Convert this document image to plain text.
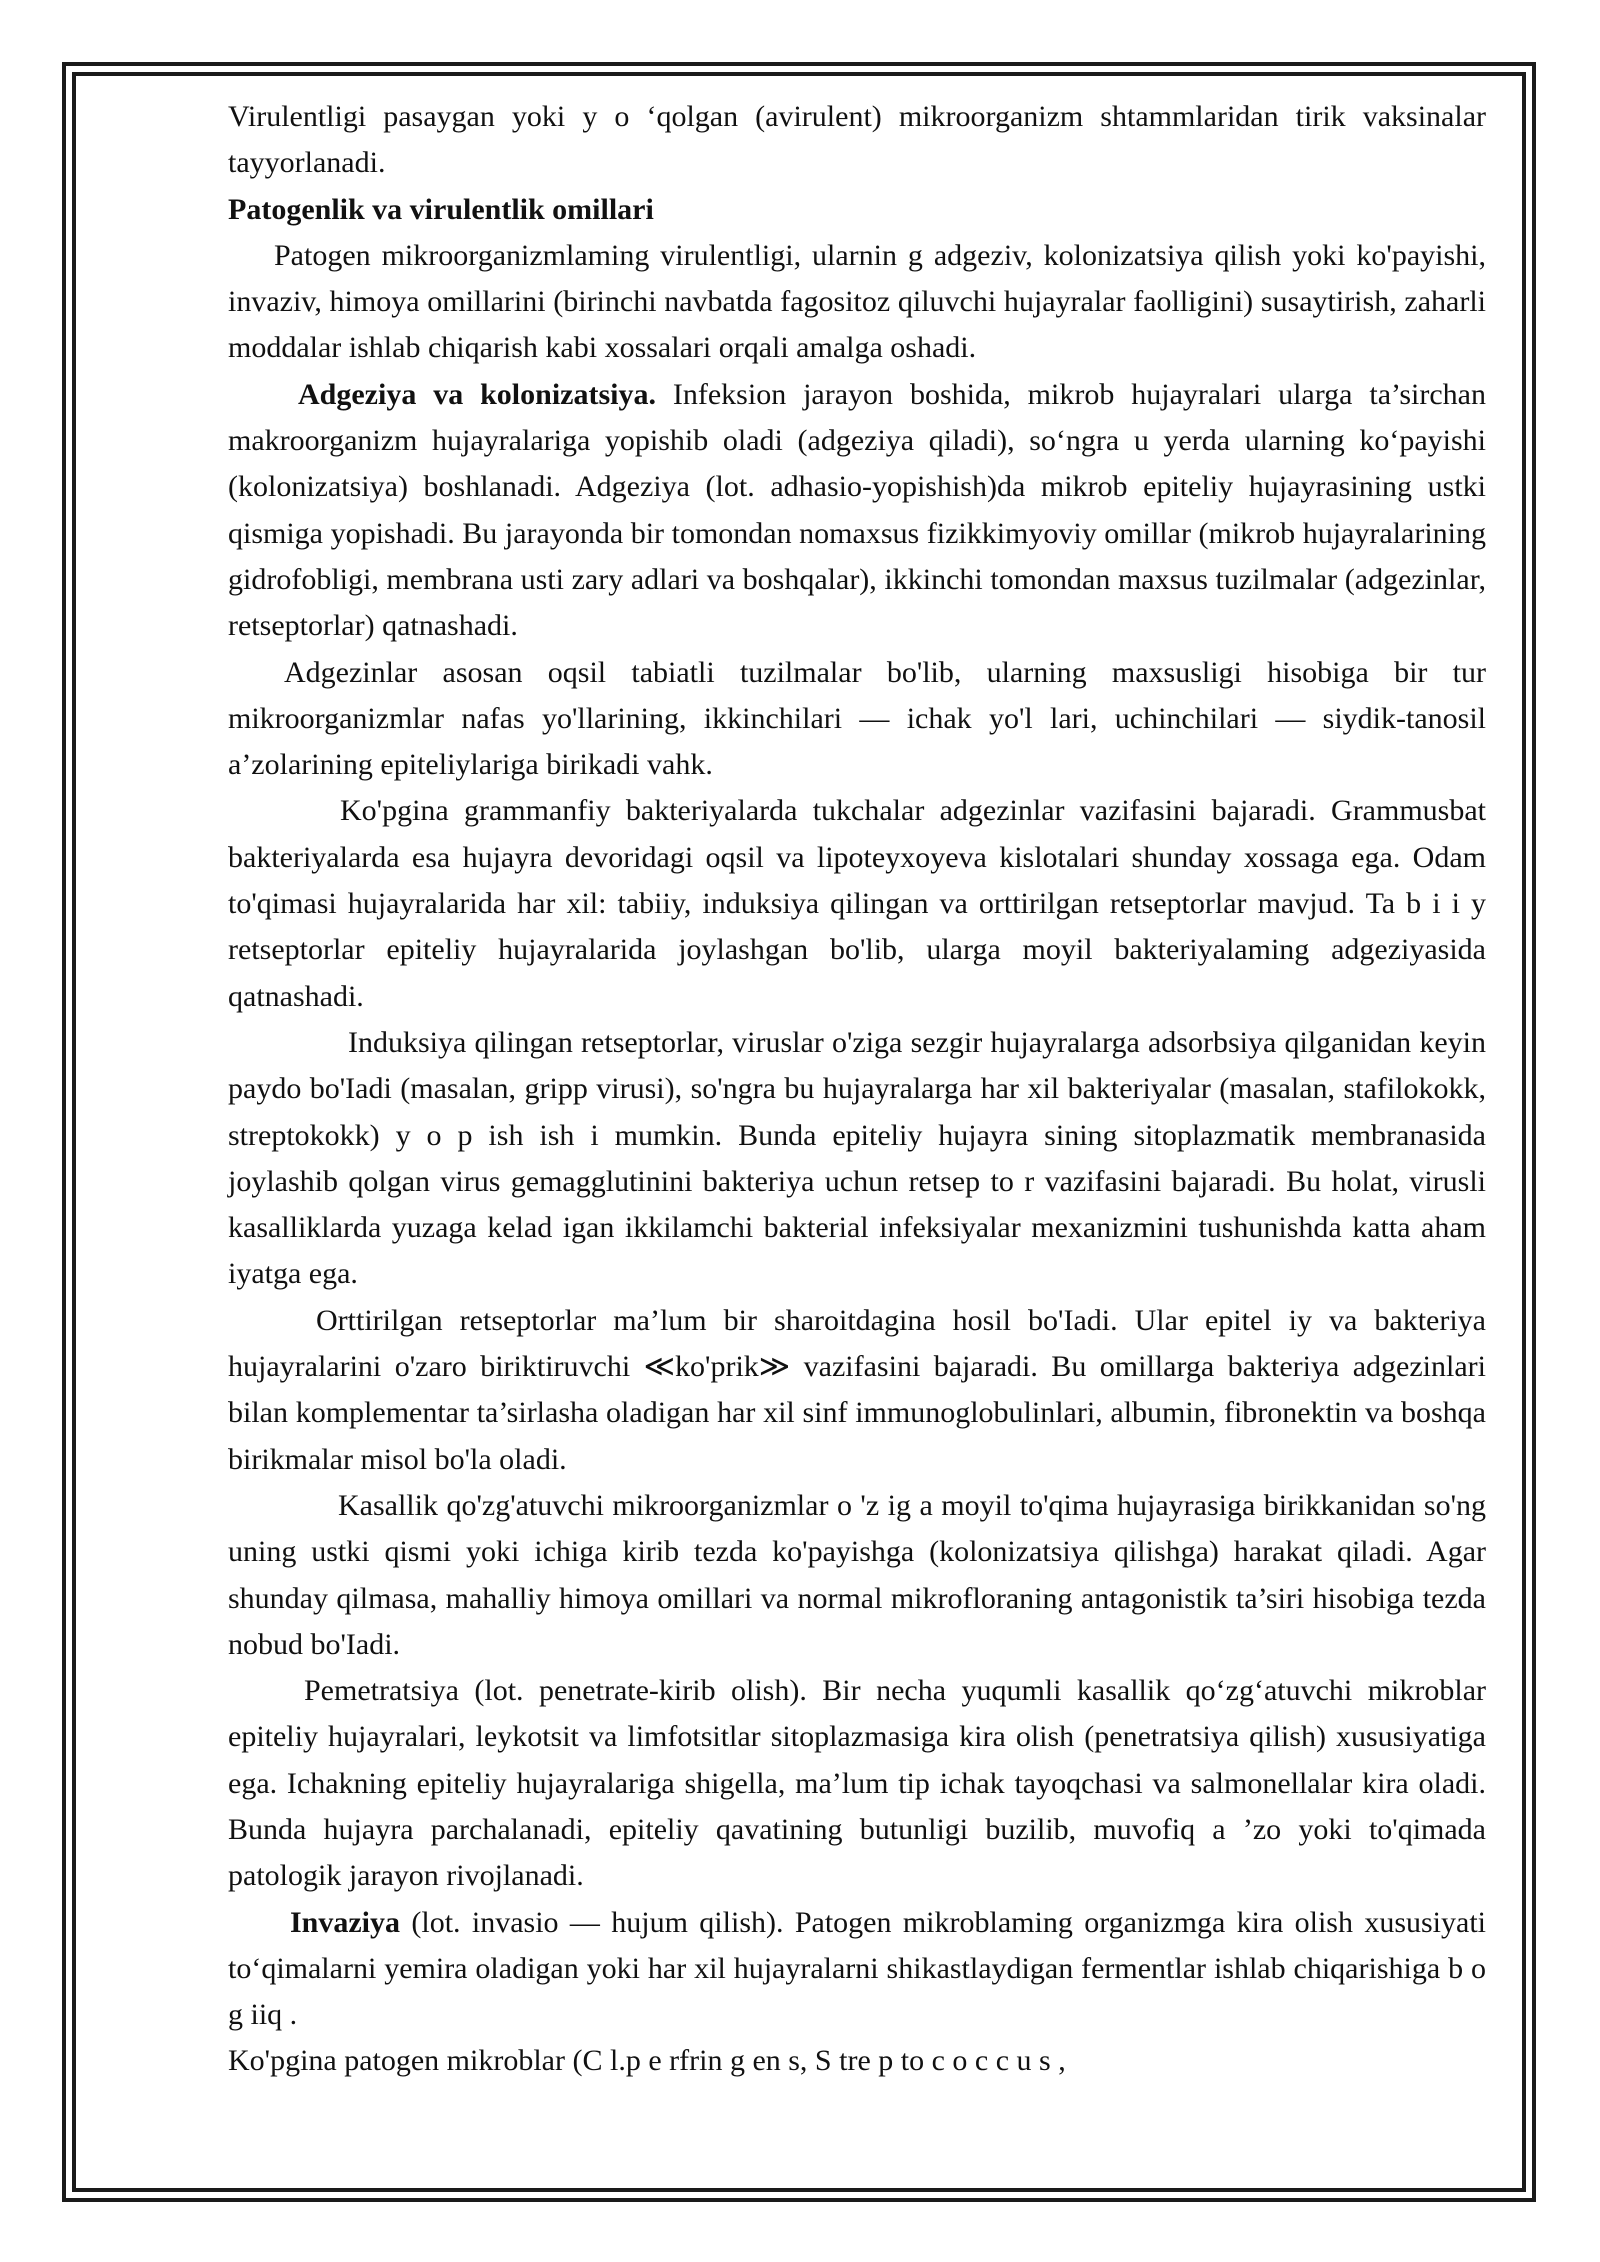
Virulentligi pasaygan yoki y o ‘qolgan (avirulent) mikroorganizm shtammlaridan tirik vaksinalar tayyorlanadi.

Patogenlik va virulentlik omillari

Patogen mikroorganizmlaming virulentligi, ularnin g adgeziv, kolonizatsiya qilish yoki ko'payishi, invaziv, himoya omillarini (birinchi navbatda fagositoz qiluvchi hujayralar faolligini) susaytirish, zaharli moddalar ishlab chiqarish kabi xossalari orqali amalga oshadi.

Adgeziya va kolonizatsiya. Infeksion jarayon boshida, mikrob hujayralari ularga ta’sirchan makroorganizm hujayralariga yopishib oladi (adgeziya qiladi), so‘ngra u yerda ularning ko‘payishi (kolonizatsiya) boshlanadi. Adgeziya (lot. adhasio-yopishish)da mikrob epiteliy hujayrasining ustki qismiga yopishadi. Bu jarayonda bir tomondan nomaxsus fizikkimyoviy omillar (mikrob hujayralarining gidrofobligi, membrana usti zary adlari va boshqalar), ikkinchi tomondan maxsus tuzilmalar (adgezinlar, retseptorlar) qatnashadi.

Adgezinlar asosan oqsil tabiatli tuzilmalar bo'lib, ularning maxsusligi hisobiga bir tur mikroorganizmlar nafas yo'llarining, ikkinchilari — ichak yo'l lari, uchinchilari — siydik-tanosil a’zolarining epiteliylariga birikadi vahk.

Ko'pgina grammanfiy bakteriyalarda tukchalar adgezinlar vazifasini bajaradi. Grammusbat bakteriyalarda esa hujayra devoridagi oqsil va lipoteyxoyeva kislotalari shunday xossaga ega. Odam to'qimasi hujayralarida har xil: tabiiy, induksiya qilingan va orttirilgan retseptorlar mavjud. Ta b i i y retseptorlar epiteliy hujayralarida joylashgan bo'lib, ularga moyil bakteriyalaming adgeziyasida qatnashadi.

Induksiya qilingan retseptorlar, viruslar o'ziga sezgir hujayralarga adsorbsiya qilganidan keyin paydo bo'Iadi (masalan, gripp virusi), so'ngra bu hujayralarga har xil bakteriyalar (masalan, stafilokokk, streptokokk) y o p ish ish i mumkin. Bunda epiteliy hujayra sining sitoplazmatik membranasida joylashib qolgan virus gemagglutinini bakteriya uchun retsep to r vazifasini bajaradi. Bu holat, virusli kasalliklarda yuzaga kelad igan ikkilamchi bakterial infeksiyalar mexanizmini tushunishda katta aham iyatga ega.

Orttirilgan retseptorlar ma’lum bir sharoitdagina hosil bo'Iadi. Ular epitel iy va bakteriya hujayralarini o'zaro biriktiruvchi ≪ko'prik≫ vazifasini bajaradi. Bu omillarga bakteriya adgezinlari bilan komplementar ta’sirlasha oladigan har xil sinf immunoglobulinlari, albumin, fibronektin va boshqa birikmalar misol bo'la oladi.

Kasallik qo'zg'atuvchi mikroorganizmlar o 'z ig a moyil to'qima hujayrasiga birikkanidan so'ng uning ustki qismi yoki ichiga kirib tezda ko'payishga (kolonizatsiya qilishga) harakat qiladi. Agar shunday qilmasa, mahalliy himoya omillari va normal mikrofloraning antagonistik ta’siri hisobiga tezda nobud bo'Iadi.

Pemetratsiya (lot. penetrate-kirib olish). Bir necha yuqumli kasallik qo‘zg‘atuvchi mikroblar epiteliy hujayralari, leykotsit va limfotsitlar sitoplazmasiga kira olish (penetratsiya qilish) xususiyatiga ega. Ichakning epiteliy hujayralariga shigella, ma’lum tip ichak tayoqchasi va salmonellalar kira oladi. Bunda hujayra parchalanadi, epiteliy qavatining butunligi buzilib, muvofiq a ’zo yoki to'qimada patologik jarayon rivojlanadi.

Invaziya (lot. invasio — hujum qilish). Patogen mikroblaming organizmga kira olish xususiyati to‘qimalarni yemira oladigan yoki har xil hujayralarni shikastlaydigan fermentlar ishlab chiqarishiga b o g iiq .

Ko'pgina patogen mikroblar (C l.p e rfrin g en s, S tre p to c o c c u s ,
